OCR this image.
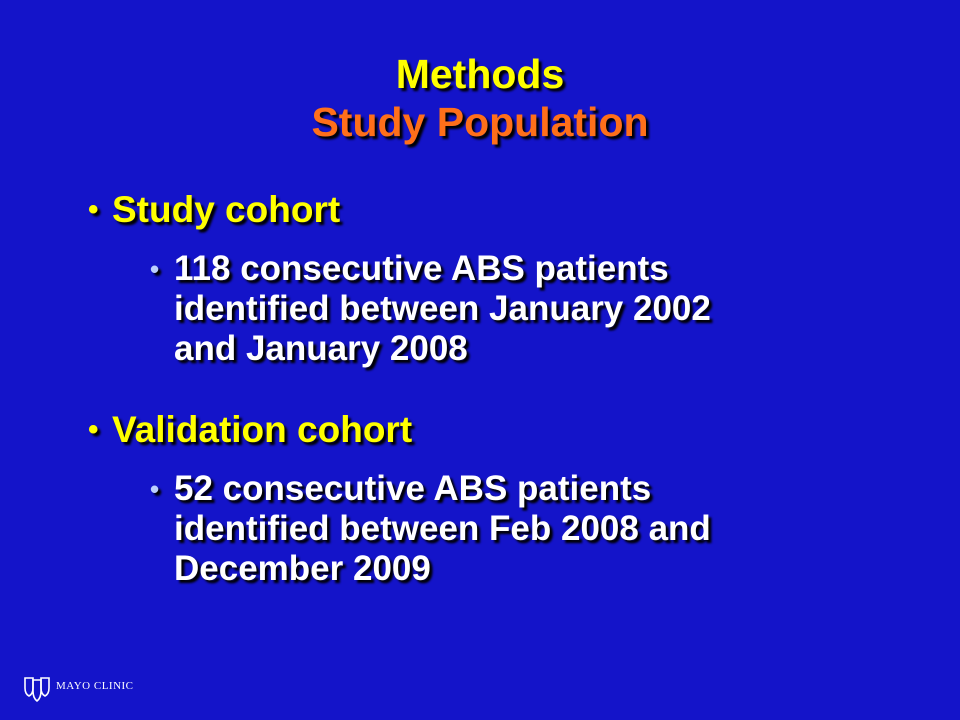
Methods
Study Population
• Study cohort
• 118 consecutive ABS patients
identified between January 2002
and January 2008
• Validation cohort
• 52 consecutive ABS patients
identified between Feb 2008 and
December 2009
MAYO CLINIC
